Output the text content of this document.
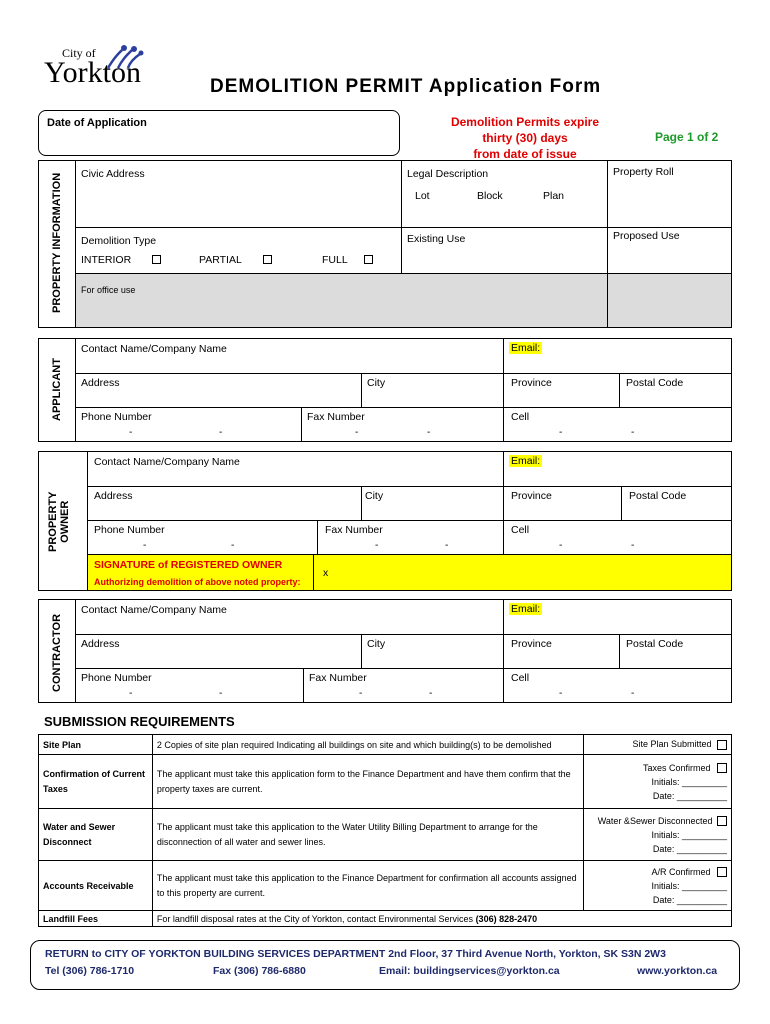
City of
Yorkton	DEMOLITION PERMIT Application Form
Date of Application	Demolition Permits expire
thirty (30) days
from date of issue
Page 1 of 2
PROPERTY INFORMATION Civic Address	Legal Description
Lot	Block	Plan
Property Roll
Demolition Type
INTERIOR	PARTIAL	FULL
Existing Use	Proposed Use
For office use
APPLICANT
Contact Name/Company Name	Email:
Address	City	Province	Postal Code
Phone Number	Fax Number	Cell
-	-	-	-	-	-
PROPERTY OWNER
Contact Name/Company Name	Email:
Address	City	Province	Postal Code
Phone Number	Fax Number	Cell
-	-	-	-	-	-
SIGNATURE of REGISTERED OWNER
Authorizing demolition of above noted property:
x
CONTRACTOR
Contact Name/Company Name	Email:
Address	City	Province	Postal Code
Phone Number	Fax Number	Cell
-	-	-	-	-	-
SUBMISSION REQUIREMENTS
Site Plan	2 Copies of site plan required Indicating all buildings on site and which building(s) to be demolished	Site Plan Submitted
Confirmation of Current Taxes	The applicant must take this application form to the Finance Department and have them confirm that the property taxes are current.	Taxes Confirmed
Initials: _________
Date: __________

Water and Sewer Disconnect	The applicant must take this application to the Water Utility Billing Department to arrange for the disconnection of all water and sewer lines.	Water &Sewer Disconnected
Initials: _________
Date: __________

Accounts Receivable	The applicant must take this application to the Finance Department for confirmation all accounts assigned to this property are current.	A/R Confirmed
Initials: _________
Date: __________

Landfill Fees	For landfill disposal rates at the City of Yorkton, contact Environmental Services (306) 828-2470	
RETURN to CITY OF YORKTON BUILDING SERVICES DEPARTMENT 2nd Floor, 37 Third Avenue North, Yorkton, SK S3N 2W3
Tel (306) 786-1710	Fax (306) 786-6880	Email: buildingservices@yorkton.ca	www.yorkton.ca
